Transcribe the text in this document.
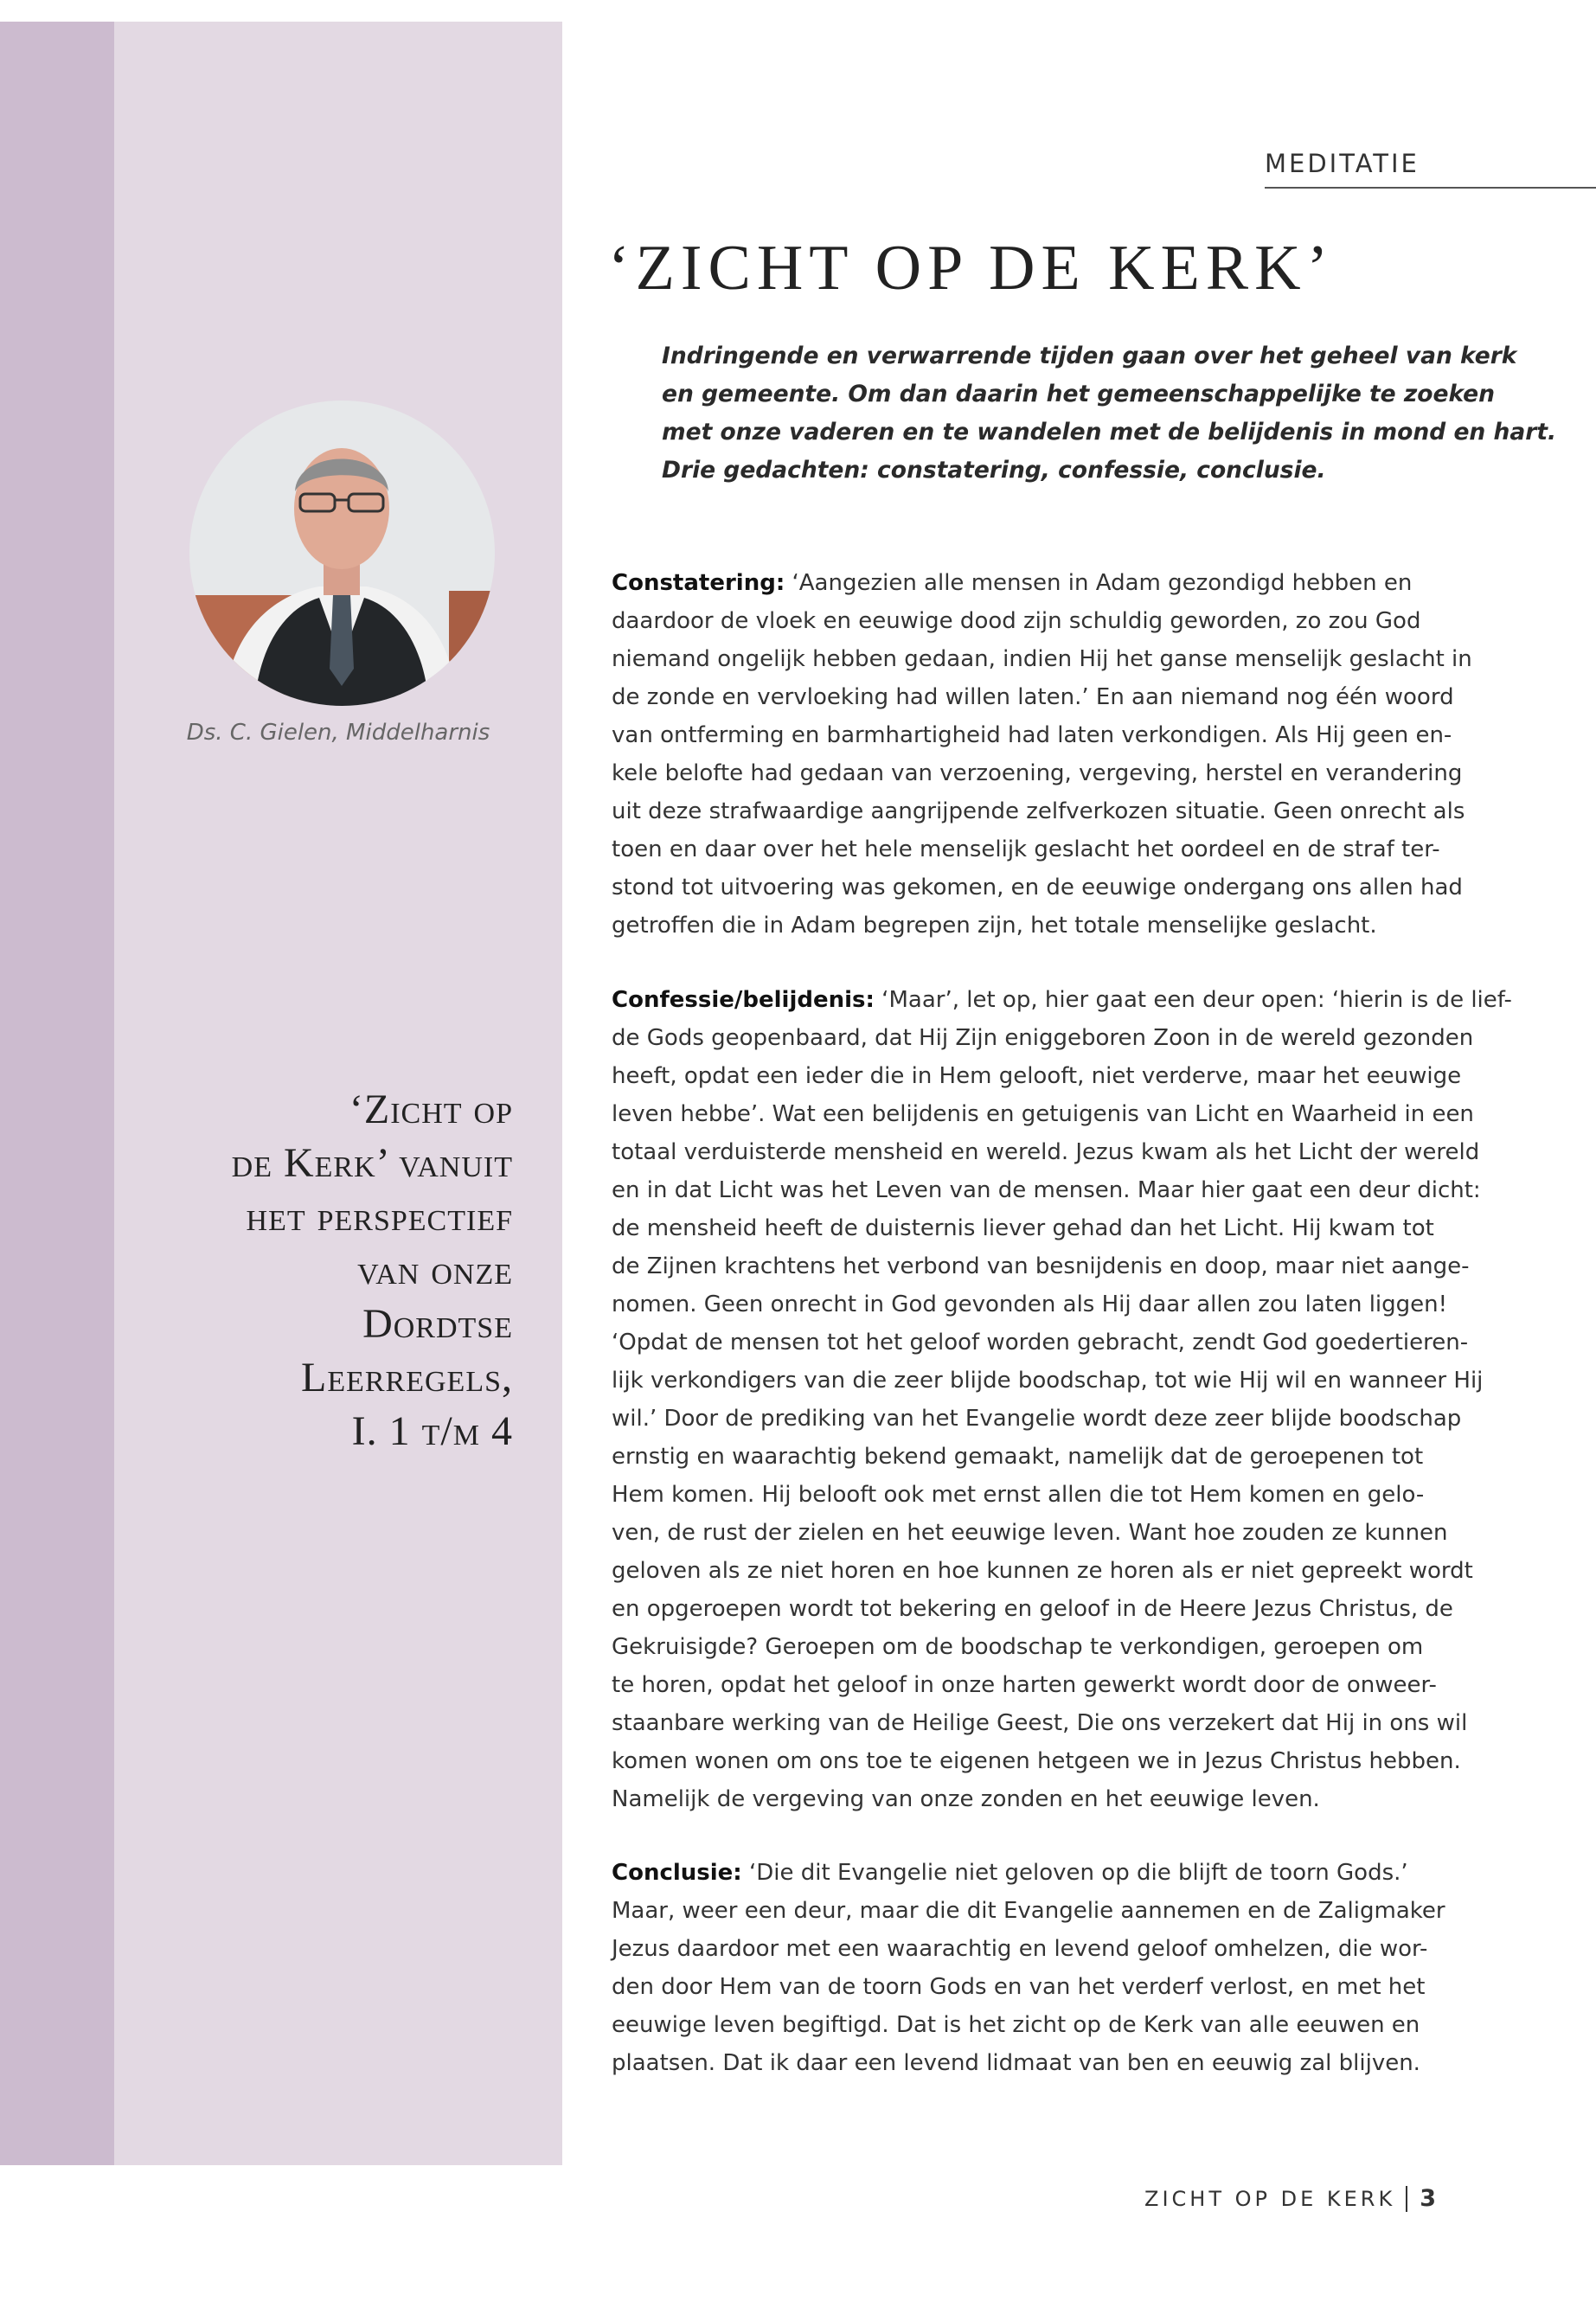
MEDITATIE
‘ZICHT OP DE KERK’
Indringende en verwarrende tijden gaan over het geheel van kerk
en gemeente. Om dan daarin het gemeenschappelijke te zoeken
met onze vaderen en te wandelen met de belijdenis in mond en hart.
Drie gedachten: constatering, confessie, conclusie.
Ds. C. Gielen, Middelharnis
‘Zicht op
de Kerk’ vanuit
het perspectief
van onze
Dordtse
Leerregels,
I. 1 t/m 4
Constatering: ‘Aangezien alle mensen in Adam gezondigd hebben en
daardoor de vloek en eeuwige dood zijn schuldig geworden, zo zou God
niemand ongelijk hebben gedaan, indien Hij het ganse menselijk geslacht in
de zonde en vervloeking had willen laten.’ En aan niemand nog één woord
van ontferming en barmhartigheid had laten verkondigen. Als Hij geen en-
kele belofte had gedaan van verzoening, vergeving, herstel en verandering
uit deze strafwaardige aangrijpende zelfverkozen situatie. Geen onrecht als
toen en daar over het hele menselijk geslacht het oordeel en de straf ter-
stond tot uitvoering was gekomen, en de eeuwige ondergang ons allen had
getroffen die in Adam begrepen zijn, het totale menselijke geslacht.
Confessie/belijdenis: ‘Maar’, let op, hier gaat een deur open: ‘hierin is de lief-
de Gods geopenbaard, dat Hij Zijn eniggeboren Zoon in de wereld gezonden
heeft, opdat een ieder die in Hem gelooft, niet verderve, maar het eeuwige
leven hebbe’. Wat een belijdenis en getuigenis van Licht en Waarheid in een
totaal verduisterde mensheid en wereld. Jezus kwam als het Licht der wereld
en in dat Licht was het Leven van de mensen. Maar hier gaat een deur dicht:
de mensheid heeft de duisternis liever gehad dan het Licht. Hij kwam tot
de Zijnen krachtens het verbond van besnijdenis en doop, maar niet aange-
nomen. Geen onrecht in God gevonden als Hij daar allen zou laten liggen!
‘Opdat de mensen tot het geloof worden gebracht, zendt God goedertieren-
lijk verkondigers van die zeer blijde boodschap, tot wie Hij wil en wanneer Hij
wil.’ Door de prediking van het Evangelie wordt deze zeer blijde boodschap
ernstig en waarachtig bekend gemaakt, namelijk dat de geroepenen tot
Hem komen. Hij belooft ook met ernst allen die tot Hem komen en gelo-
ven, de rust der zielen en het eeuwige leven. Want hoe zouden ze kunnen
geloven als ze niet horen en hoe kunnen ze horen als er niet gepreekt wordt
en opgeroepen wordt tot bekering en geloof in de Heere Jezus Christus, de
Gekruisigde? Geroepen om de boodschap te verkondigen, geroepen om
te horen, opdat het geloof in onze harten gewerkt wordt door de onweer-
staanbare werking van de Heilige Geest, Die ons verzekert dat Hij in ons wil
komen wonen om ons toe te eigenen hetgeen we in Jezus Christus hebben.
Namelijk de vergeving van onze zonden en het eeuwige leven.
Conclusie: ‘Die dit Evangelie niet geloven op die blijft de toorn Gods.’
Maar, weer een deur, maar die dit Evangelie aannemen en de Zaligmaker
Jezus daardoor met een waarachtig en levend geloof omhelzen, die wor-
den door Hem van de toorn Gods en van het verderf verlost, en met het
eeuwige leven begiftigd. Dat is het zicht op de Kerk van alle eeuwen en
plaatsen. Dat ik daar een levend lidmaat van ben en eeuwig zal blijven.
ZICHT OP DE KERK 3
